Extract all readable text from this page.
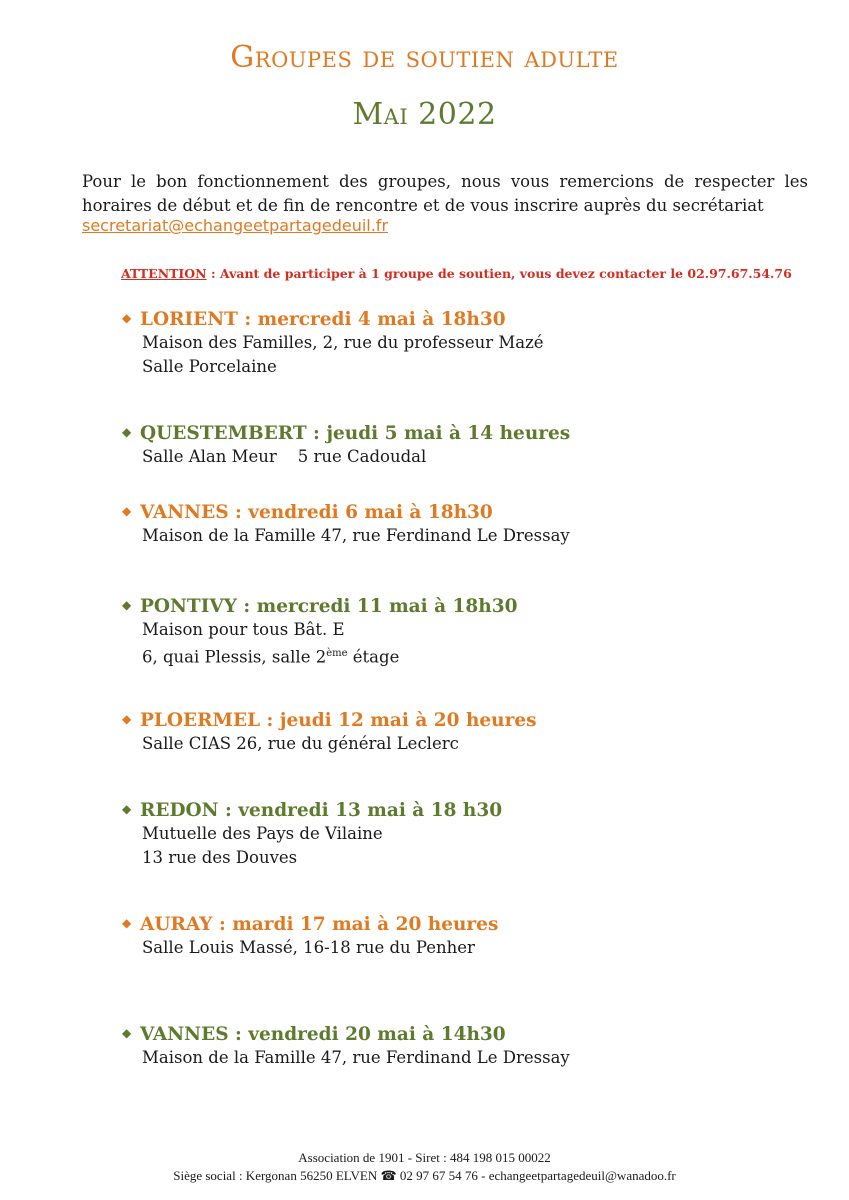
Groupes de soutien adulte
Mai 2022

Pour le bon fonctionnement des groupes, nous vous remercions de respecter les horaires de début et de fin de rencontre et de vous inscrire auprès du secrétariat

secretariat@echangeetpartagedeuil.fr
ATTENTION : Avant de participer à 1 groupe de soutien, vous devez contacter le 02.97.67.54.76
◆ LORIENT : mercredi 4 mai à 18h30
Maison des Familles, 2, rue du professeur Mazé
Salle Porcelaine
◆ QUESTEMBERT : jeudi 5 mai à 14 heures
Salle Alan Meur    5 rue Cadoudal
◆ VANNES : vendredi 6 mai à 18h30
Maison de la Famille 47, rue Ferdinand Le Dressay
◆ PONTIVY : mercredi 11 mai à 18h30
Maison pour tous Bât. E
6, quai Plessis, salle 2ème étage
◆ PLOERMEL : jeudi 12 mai à 20 heures
Salle CIAS 26, rue du général Leclerc
◆ REDON : vendredi 13 mai à 18 h30
Mutuelle des Pays de Vilaine
13 rue des Douves
◆ AURAY : mardi 17 mai à 20 heures
Salle Louis Massé, 16-18 rue du Penher
◆ VANNES : vendredi 20 mai à 14h30
Maison de la Famille 47, rue Ferdinand Le Dressay
Association de 1901 - Siret : 484 198 015 00022
Siège social : Kergonan 56250 ELVEN ☎ 02 97 67 54 76 - echangeetpartagedeuil@wanadoo.fr
